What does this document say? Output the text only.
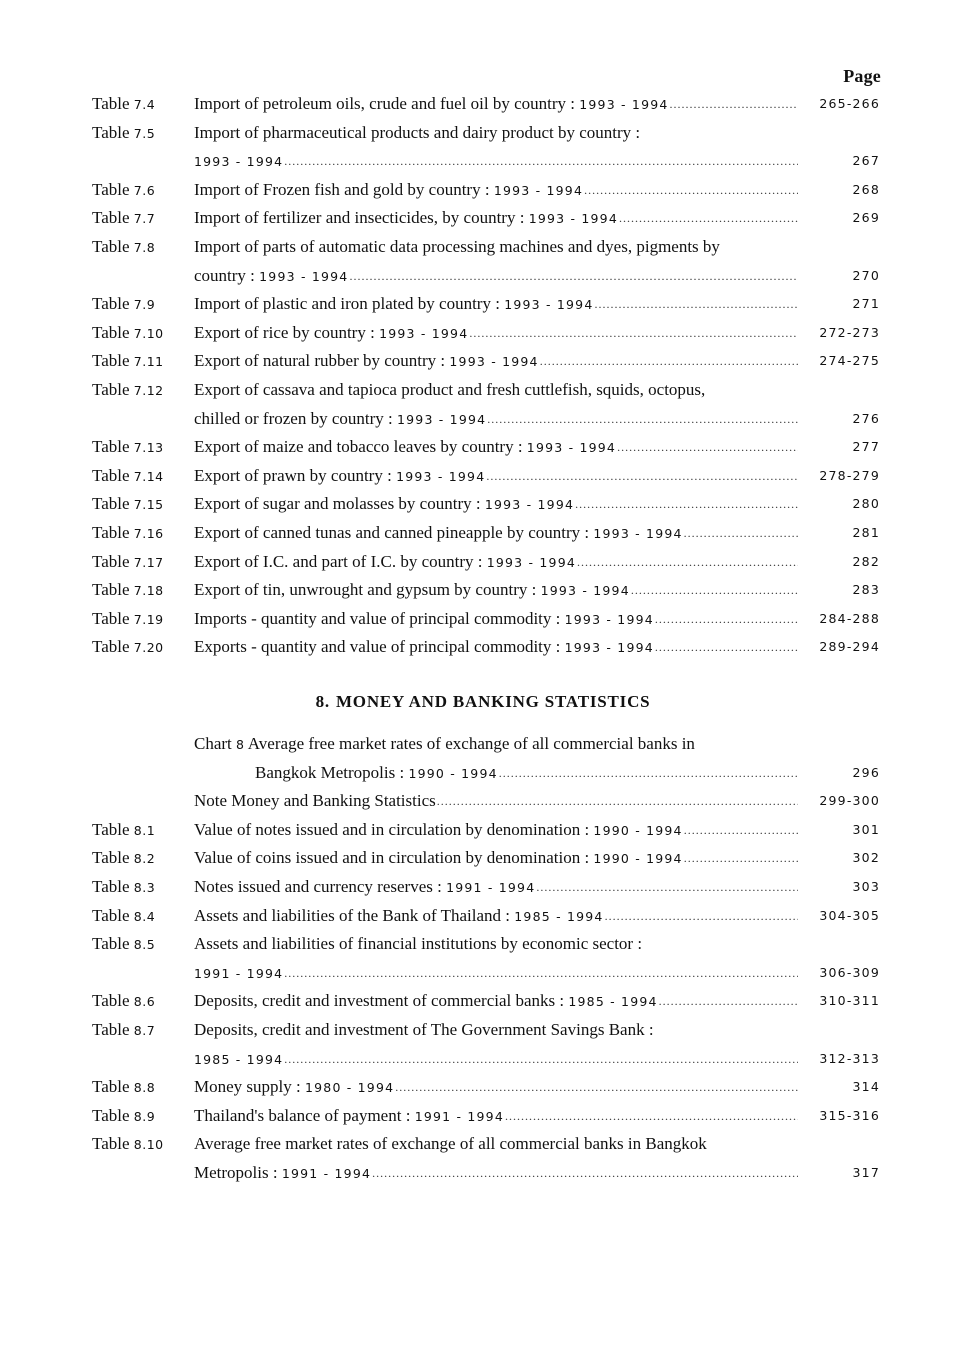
Page
Table 7.4	Import of petroleum oils, crude and fuel oil by country : 1993 - 1994 .....	265-266
Table 7.5	Import of pharmaceutical products and dairy product by country :
1993 - 1994 .....	267
Table 7.6	Import of Frozen fish and gold by country : 1993 - 1994 .....	268
Table 7.7	Import of fertilizer and insecticides, by country : 1993 - 1994 .....	269
Table 7.8	Import of parts of automatic data processing machines and dyes, pigments by
country : 1993 - 1994 .....	270
Table 7.9	Import of plastic and iron plated by country : 1993 - 1994 .....	271
Table 7.10	Export of rice by country : 1993 - 1994 .....	272-273
Table 7.11	Export of natural rubber by country : 1993 - 1994 .....	274-275
Table 7.12	Export of cassava and tapioca product and fresh cuttlefish, squids, octopus,
chilled or frozen by country : 1993 - 1994 .....	276
Table 7.13	Export of maize and tobacco leaves by country : 1993 - 1994 .....	277
Table 7.14	Export of prawn by country : 1993 - 1994 .....	278-279
Table 7.15	Export of sugar and molasses by country : 1993 - 1994 .....	280
Table 7.16	Export of canned tunas and canned pineapple by country : 1993 - 1994 .....	281
Table 7.17	Export of I.C. and part of I.C. by country : 1993 - 1994 .....	282
Table 7.18	Export of tin, unwrought and gypsum by country : 1993 - 1994 .....	283
Table 7.19	Imports - quantity and value of principal commodity : 1993 - 1994 .....	284-288
Table 7.20	Exports - quantity and value of principal commodity : 1993 - 1994 .....	289-294
8. MONEY AND BANKING STATISTICS
Chart 8 Average free market rates of exchange of all commercial banks in
Bangkok Metropolis : 1990 - 1994 .....	296
Note Money and Banking Statistics .....	299-300
Table 8.1	Value of notes issued and in circulation by denomination : 1990 - 1994 .....	301
Table 8.2	Value of coins issued and in circulation by denomination : 1990 - 1994 .....	302
Table 8.3	Notes issued and currency reserves : 1991 - 1994 .....	303
Table 8.4	Assets and liabilities of the Bank of Thailand : 1985 - 1994 .....	304-305
Table 8.5	Assets and liabilities of financial institutions by economic sector :
1991 - 1994 .....	306-309
Table 8.6	Deposits, credit and investment of commercial banks : 1985 - 1994 .....	310-311
Table 8.7	Deposits, credit and investment of The Government Savings Bank :
1985 - 1994 .....	312-313
Table 8.8	Money supply : 1980 - 1994 .....	314
Table 8.9	Thailand's balance of payment : 1991 - 1994 .....	315-316
Table 8.10	Average free market rates of exchange of all commercial banks in Bangkok
Metropolis : 1991 - 1994 .....	317
